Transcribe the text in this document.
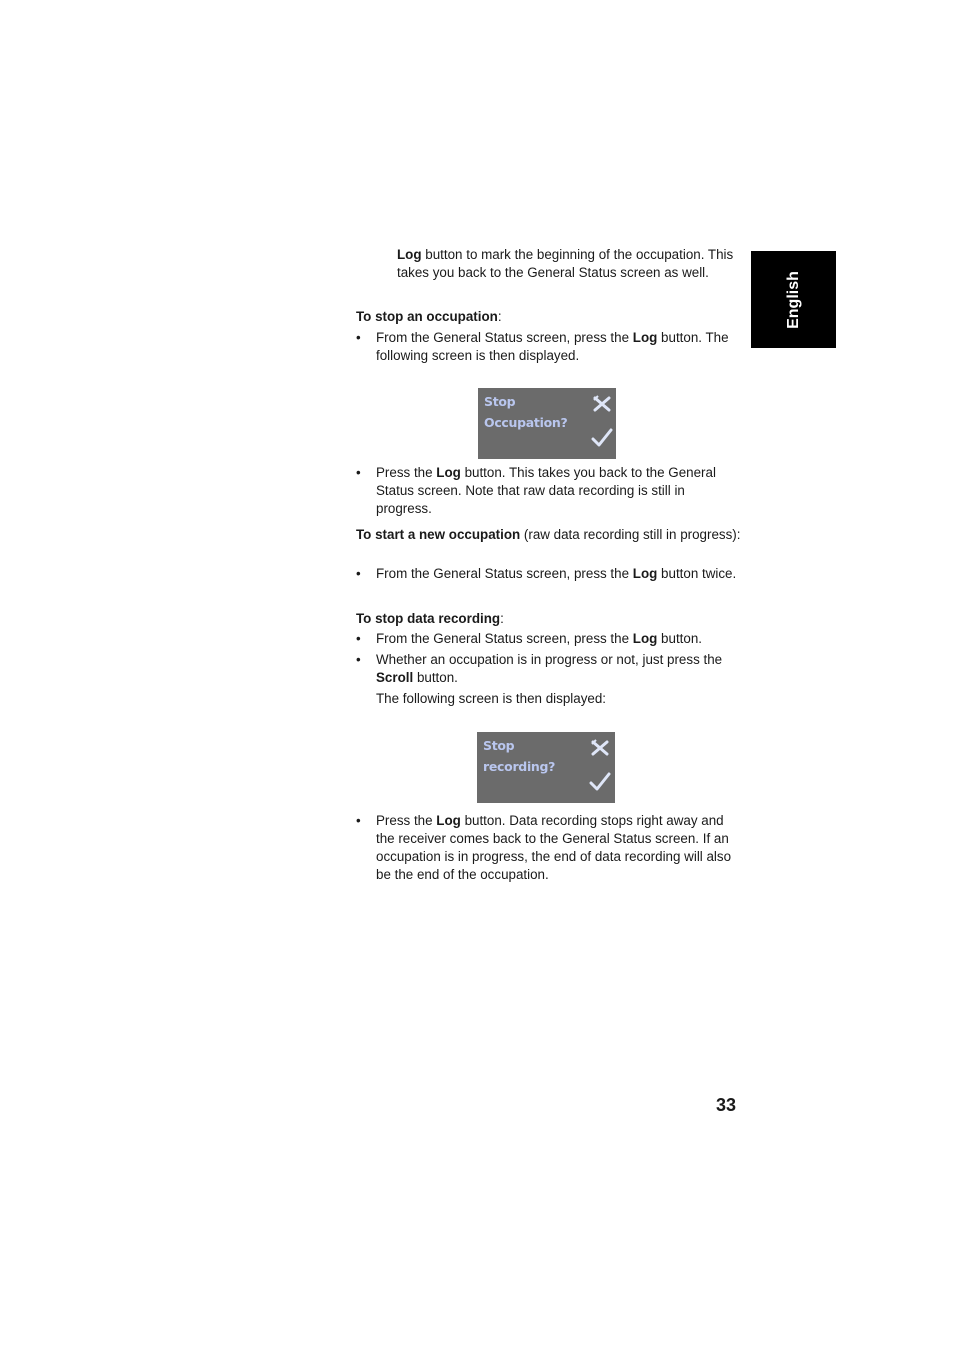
English

Log button to mark the beginning of the occupation. This takes you back to the General Status screen as well.

To stop an occupation:

•	From the General Status screen, press the Log button. The following screen is then displayed.
Stop
Occupation?
•	Press the Log button. This takes you back to the General Status screen. Note that raw data recording is still in progress.

To start a new occupation (raw data recording still in progress):

•	From the General Status screen, press the Log button twice.

To stop data recording:

•	From the General Status screen, press the Log button.
•	Whether an occupation is in progress or not, just press the Scroll button.

The following screen is then displayed:

Stop
recording?
•	Press the Log button. Data recording stops right away and the receiver comes back to the General Status screen. If an occupation is in progress, the end of data recording will also be the end of the occupation.
33
